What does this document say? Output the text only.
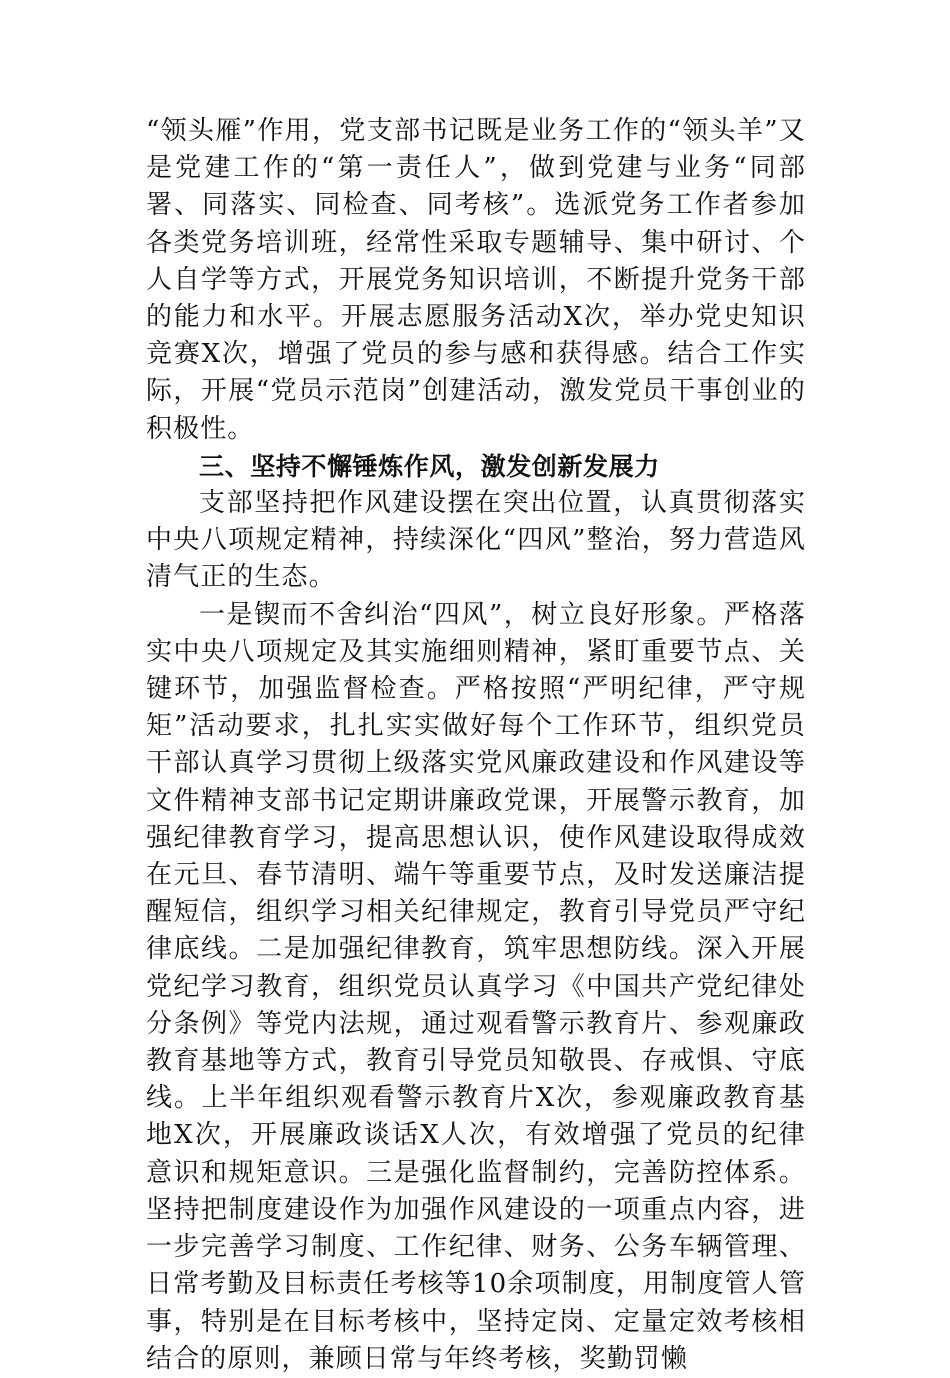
“领头雁”作用，党支部书记既是业务工作的“领头羊”又是党建工作的“第一责任人”，做到党建与业务“同部署、同落实、同检查、同考核”。选派党务工作者参加各类党务培训班，经常性采取专题辅导、集中研讨、个人自学等方式，开展党务知识培训，不断提升党务干部的能力和水平。开展志愿服务活动X次，举办党史知识竞赛X次，增强了党员的参与感和获得感。结合工作实际，开展“党员示范岗”创建活动，激发党员干事创业的积极性。

三、坚持不懈锤炼作风，激发创新发展力

支部坚持把作风建设摆在突出位置，认真贯彻落实中央八项规定精神，持续深化“四风”整治，努力营造风清气正的生态。

一是锲而不舍纠治“四风”，树立良好形象。严格落实中央八项规定及其实施细则精神，紧盯重要节点、关键环节，加强监督检查。严格按照“严明纪律，严守规矩”活动要求，扎扎实实做好每个工作环节，组织党员干部认真学习贯彻上级落实党风廉政建设和作风建设等文件精神支部书记定期讲廉政党课，开展警示教育，加强纪律教育学习，提高思想认识，使作风建设取得成效在元旦、春节清明、端午等重要节点，及时发送廉洁提醒短信，组织学习相关纪律规定，教育引导党员严守纪律底线。二是加强纪律教育，筑牢思想防线。深入开展党纪学习教育，组织党员认真学习《中国共产党纪律处分条例》等党内法规，通过观看警示教育片、参观廉政教育基地等方式，教育引导党员知敬畏、存戒惧、守底线。上半年组织观看警示教育片X次，参观廉政教育基地X次，开展廉政谈话X人次，有效增强了党员的纪律意识和规矩意识。三是强化监督制约，完善防控体系。坚持把制度建设作为加强作风建设的一项重点内容，进一步完善学习制度、工作纪律、财务、公务车辆管理、日常考勤及目标责任考核等10余项制度，用制度管人管事，特别是在目标考核中，坚持定岗、定量定效考核相结合的原则，兼顾日常与年终考核，奖勤罚懒
